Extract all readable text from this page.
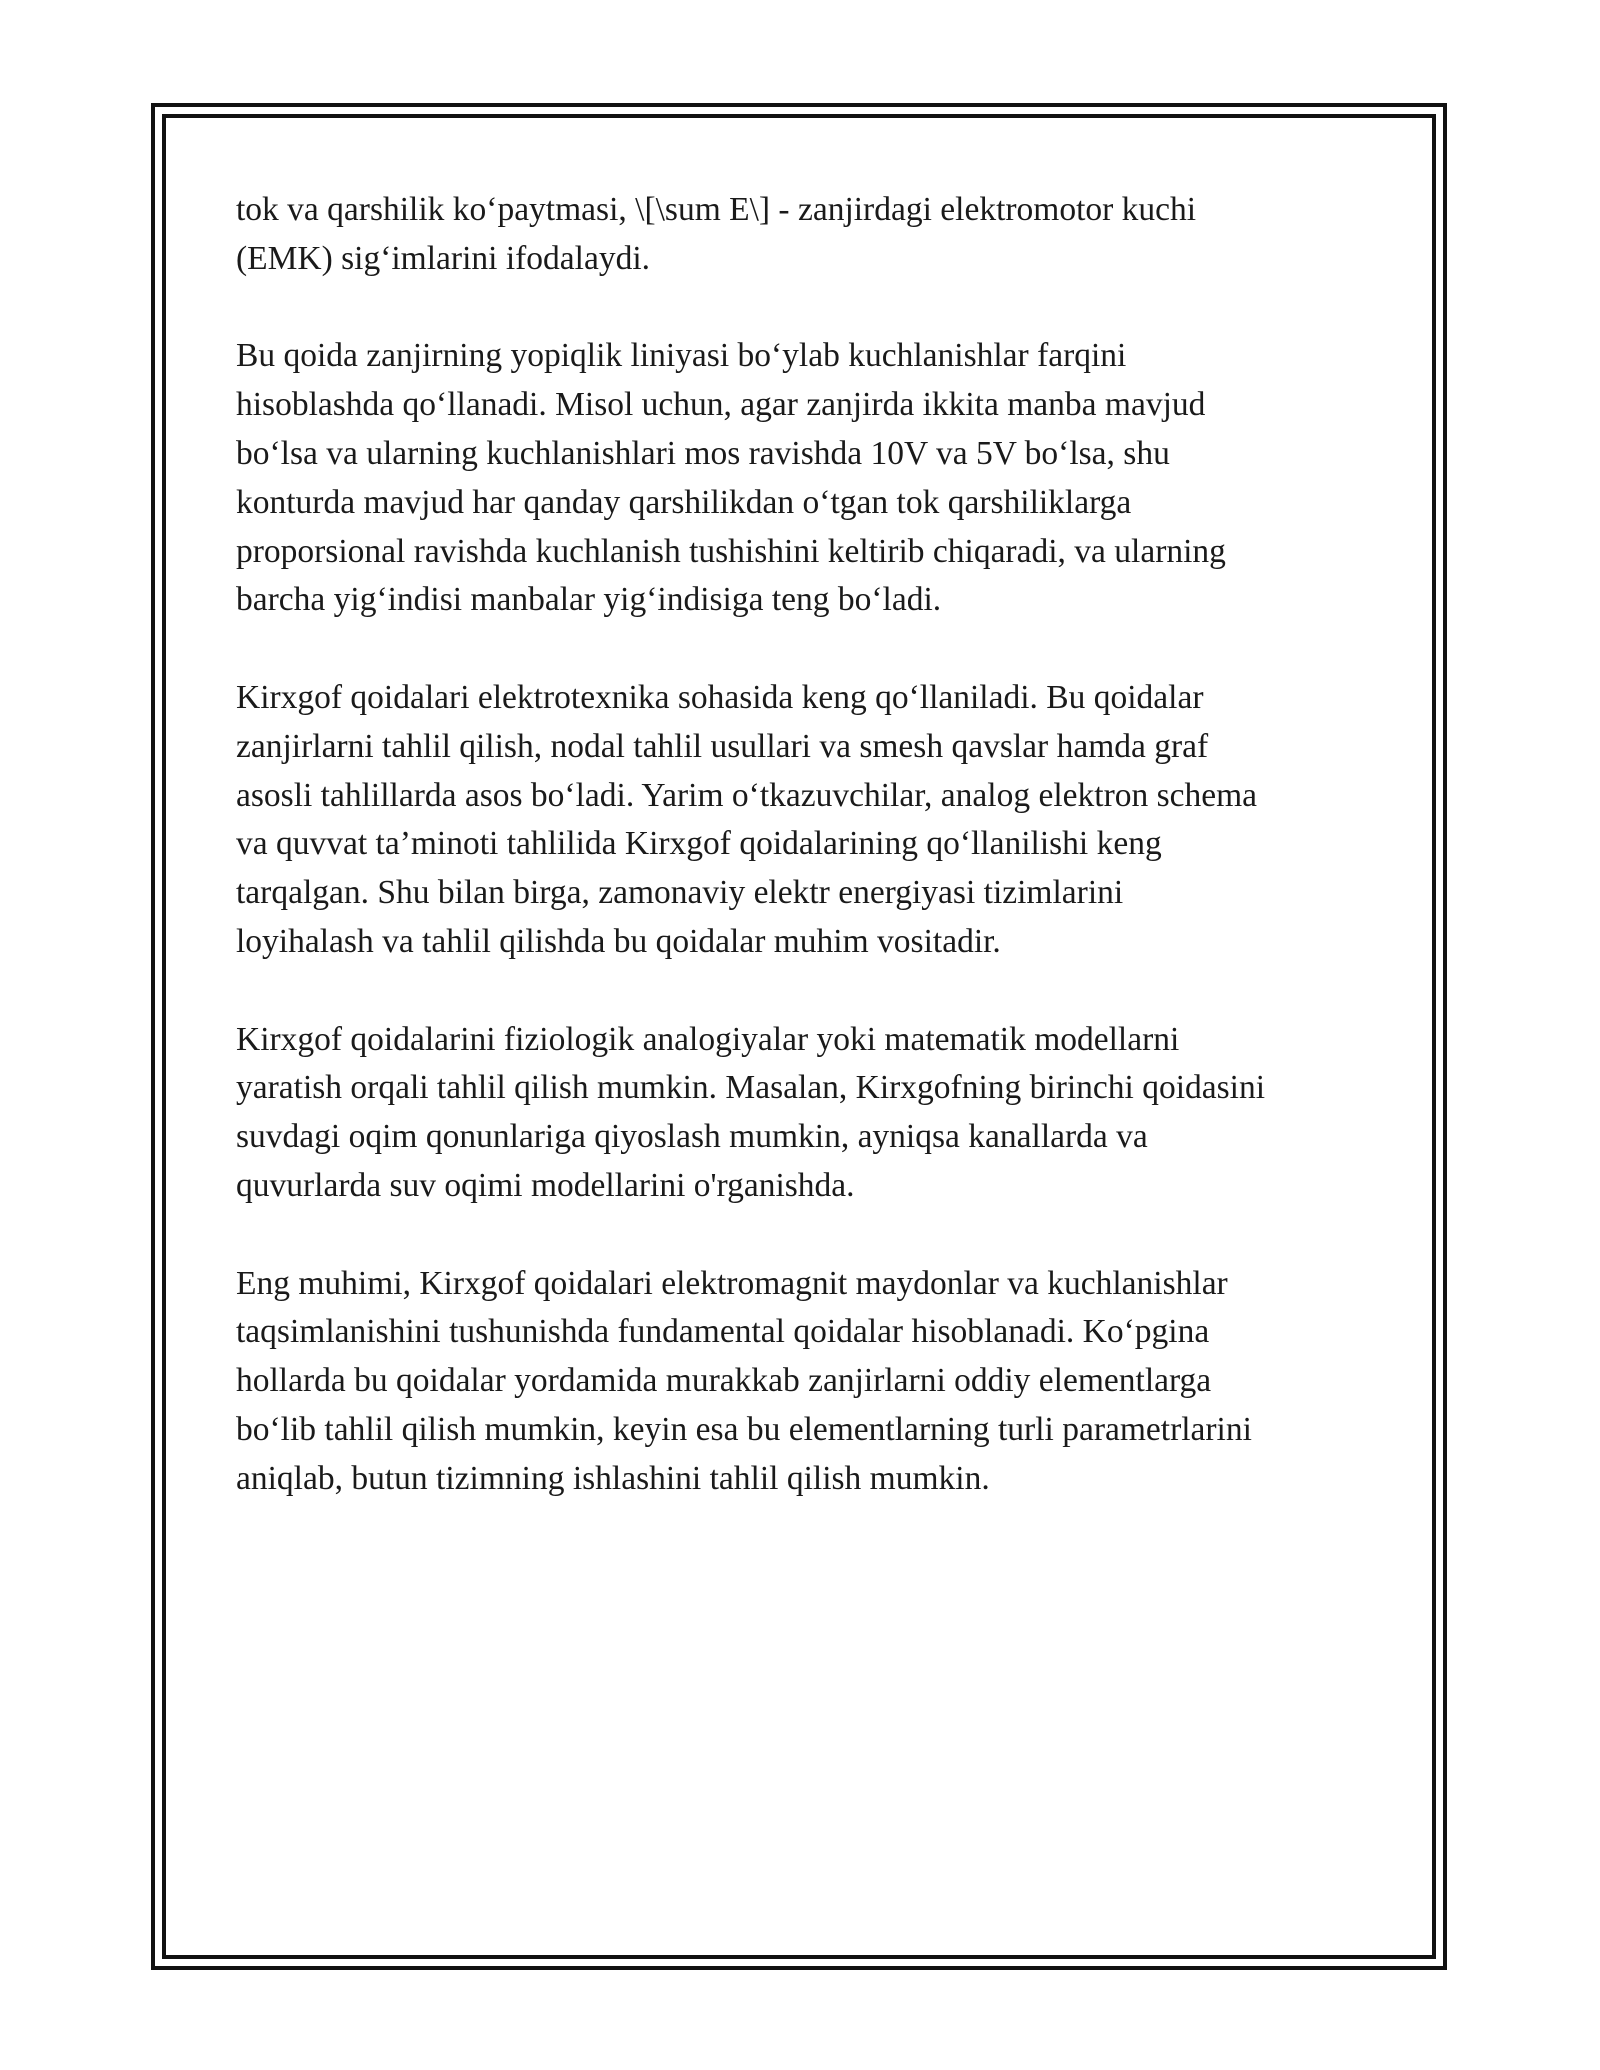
tok va qarshilik ko‘paytmasi, \[\sum E\] - zanjirdagi elektromotor kuchi
(EMK) sig‘imlarini ifodalaydi.

Bu qoida zanjirning yopiqlik liniyasi bo‘ylab kuchlanishlar farqini
hisoblashda qo‘llanadi. Misol uchun, agar zanjirda ikkita manba mavjud
bo‘lsa va ularning kuchlanishlari mos ravishda 10V va 5V bo‘lsa, shu
konturda mavjud har qanday qarshilikdan o‘tgan tok qarshiliklarga
proporsional ravishda kuchlanish tushishini keltirib chiqaradi, va ularning
barcha yig‘indisi manbalar yig‘indisiga teng bo‘ladi.

Kirxgof qoidalari elektrotexnika sohasida keng qo‘llaniladi. Bu qoidalar
zanjirlarni tahlil qilish, nodal tahlil usullari va smesh qavslar hamda graf
asosli tahlillarda asos bo‘ladi. Yarim o‘tkazuvchilar, analog elektron schema
va quvvat ta’minoti tahlilida Kirxgof qoidalarining qo‘llanilishi keng
tarqalgan. Shu bilan birga, zamonaviy elektr energiyasi tizimlarini
loyihalash va tahlil qilishda bu qoidalar muhim vositadir.

Kirxgof qoidalarini fiziologik analogiyalar yoki matematik modellarni
yaratish orqali tahlil qilish mumkin. Masalan, Kirxgofning birinchi qoidasini
suvdagi oqim qonunlariga qiyoslash mumkin, ayniqsa kanallarda va
quvurlarda suv oqimi modellarini o'rganishda.

Eng muhimi, Kirxgof qoidalari elektromagnit maydonlar va kuchlanishlar
taqsimlanishini tushunishda fundamental qoidalar hisoblanadi. Ko‘pgina
hollarda bu qoidalar yordamida murakkab zanjirlarni oddiy elementlarga
bo‘lib tahlil qilish mumkin, keyin esa bu elementlarning turli parametrlarini
aniqlab, butun tizimning ishlashini tahlil qilish mumkin.
